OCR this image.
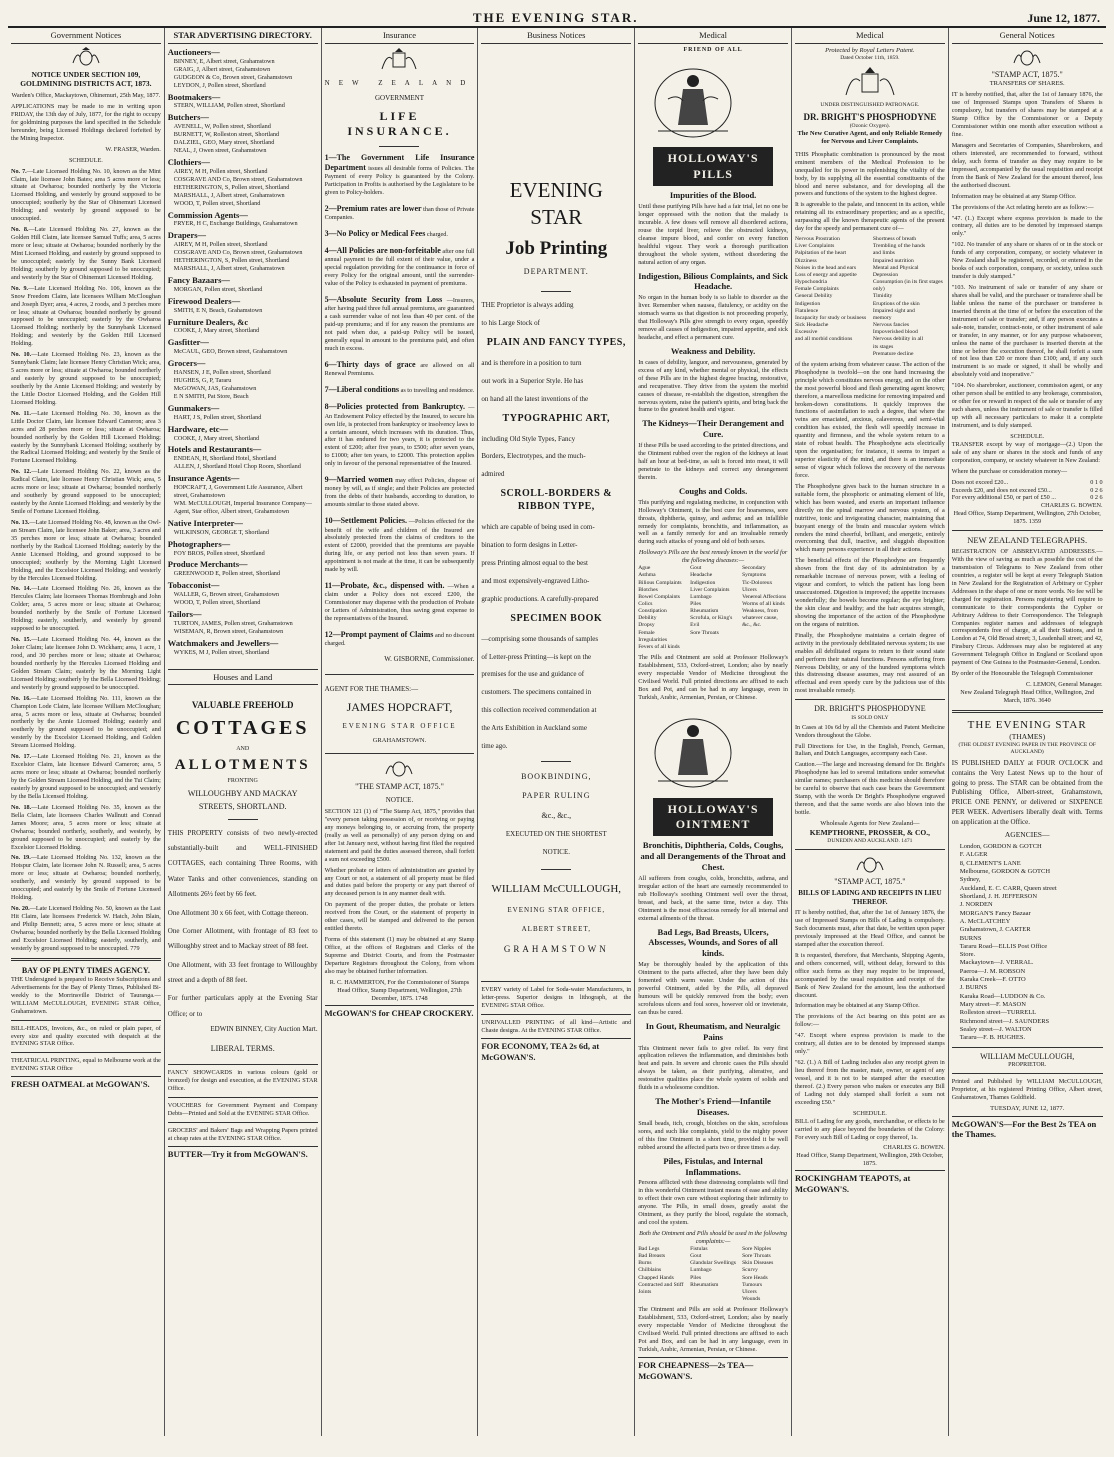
THE EVENING STAR.	June 12, 1877.
Government Notices
NOTICE UNDER SECTION 109, GOLDMINING DISTRICTS ACT, 1873.
Warden's Office, Mackaytown, Ohinemuri, 25th May, 1877.

APPLICATIONS may be made to me in writing upon FRIDAY, the 13th day of July, 1877, for the right to occupy for goldmining purposes the land specified in the Schedule hereunder, being Licensed Holdings declared forfeited by the Mining Inspector.

W. FRASER, Warden.
SCHEDULE.

No. 7.—Late Licensed Holding No. 10, known as the Mint Claim, late licensee John Bates; area 5 acres more or less; situate at Owharoa; bounded northerly by the Victoria Licensed Holding, and westerly by ground supposed to be unoccupied; southerly by the Star of Ohinemuri Licensed Holding; and westerly by ground supposed to be unoccupied.

No. 8.—Late Licensed Holding No. 27, known as the Golden Hill Claim, late licensee Samuel Tuffs; area, 5 acres more or less; situate at Owharoa; bounded northerly by the Mint Licensed Holding, and easterly by ground supposed to be unoccupied; easterly by the Sunny Bank Licensed Holding; southerly by ground supposed to be unoccupied; and westerly by the Star of Ohinemuri Licensed Holding.

No. 9.—Late Licensed Holding No. 106, known as the Snow Freedom Claim, late licensees William McCloughan and Joseph Dyer; area, 4 acres, 2 roods, and 3 perches more or less; situate at Owharoa; bounded northerly by ground supposed to be unoccupied; easterly by the Owharoa Licensed Holding; northerly by the Sunnybank Licensed Holding; and westerly by the Golden Hill Licensed Holding.

No. 10.—Late Licensed Holding No. 23, known as the Sunnybank Claim; late licensee Henry Christian Wick; area, 5 acres more or less; situate at Owharoa; bounded northerly and easterly by ground supposed to be unoccupied; southerly by the Annie Licensed Holding; and westerly by the Little Doctor Licensed Holding, and the Golden Hill Licensed Holding.

No. 11.—Late Licensed Holding No. 30, known as the Little Doctor Claim, late licensee Edward Cameron; area 3 acres and 28 perches more or less; situate at Owharoa; bounded northerly by the Golden Hill Licensed Holding; easterly by the Sunnybank Licensed Holding; southerly by the Radical Licensed Holding; and westerly by the Smile of Fortune Licensed Holding.

No. 12.—Late Licensed Holding No. 22, known as the Radical Claim, late licensee Henry Christian Wick; area, 5 acres more or less; situate at Owharoa; bounded northerly and southerly by ground supposed to be unoccupied; easterly by the Annie Licensed Holding; and westerly by the Smile of Fortune Licensed Holding.

No. 13.—Late Licensed Holding No. 48, known as the Owl-an Stream Claim, late licensee John Baker; area, 3 acres and 35 perches more or less; situate at Owharoa; bounded northerly by the Radical Licensed Holding; easterly by the Annie Licensed Holding, and ground supposed to be unoccupied; southerly by the Morning Light Licensed Holding, and the Excelsior Licensed Holding; and westerly by the Hercules Licensed Holding.

No. 14.—Late Licensed Holding No. 26, known as the Hercules Claim; late licensees Thomas Hornbrugh and John Colder; area, 5 acres more or less; situate at Owharoa; bounded northerly by the Smile of Fortune Licensed Holding; easterly, southerly, and westerly by ground supposed to be unoccupied.

No. 15.—Late Licensed Holding No. 44, known as the Joker Claim; late licensee John D. Wickham; area, 1 acre, 1 rood, and 30 perches more or less; situate at Owharoa; bounded northerly by the Hercules Licensed Holding and Golden Stream Claim; easterly by the Morning Light Licensed Holding; southerly by the Bella Licensed Holding; and westerly by ground supposed to be unoccupied.

No. 16.—Late Licensed Holding No. 111, known as the Champion Lode Claim, late licensee William McCloughan; area, 5 acres more or less, situate at Owharoa; bounded northerly by the Annie Licensed Holding; easterly and southerly by ground supposed to be unoccupied; and westerly by the Excelsior Licensed Holding, and Golden Stream Licensed Holding.

No. 17.—Late Licensed Holding No. 21, known as the Excelsior Claim, late licensee Edward Cameron; area, 5 acres more or less; situate at Owharoa; bounded northerly by the Golden Stream Licensed Holding, and the Tui Claim; easterly by ground supposed to be unoccupied; and westerly by the Bella Licensed Holding.

No. 18.—Late Licensed Holding No. 35, known as the Bella Claim, late licensees Charles Wallnutt and Conrad James Moore; area, 5 acres more or less; situate at Owharoa; bounded northerly, southerly, and westerly, by ground supposed to be unoccupied; and easterly by the Excelsior Licensed Holding.

No. 19.—Late Licensed Holding No. 132, known as the Hotspur Claim, late licensee John N. Russell; area, 5 acres more or less; situate at Owharoa; bounded northerly, southerly, and westerly by ground supposed to be unoccupied; and easterly by the Smile of Fortune Licensed Holding.

No. 20.—Late Licensed Holding No. 50, known as the Last Hit Claim, late licensees Frederick W. Hatch, John Blain, and Philip Bennett; area, 5 acres more or less; situate at Owharoa; bounded northerly by the Bella Licensed Holding and Excelsior Licensed Holding; easterly, southerly, and westerly by ground supposed to be unoccupied. 779

BAY OF PLENTY TIMES AGENCY.

THE Undersigned is prepared to Receive Subscriptions and Advertisements for the Bay of Plenty Times, Published Bi-weekly to the Morrinsville District of Tauranga.—WILLIAM McCULLOUGH, EVENING STAR Office, Grahamstown.

BILL-HEADS, Invoices, &c., on ruled or plain paper, of every size and quality executed with despatch at the EVENING STAR Office.

THEATRICAL PRINTING, equal to Melbourne work at the EVENING STAR Office

FRESH OATMEAL at McGOWAN'S.
STAR ADVERTISING DIRECTORY.
Auctioneers—
BINNEY, E, Albert street, Grahamstown
GRAIG, J, Albert street, Grahamstown
GUDGEON & Co, Brown street, Grahamstown
LEYDON, J, Pollen street, Shortland
Bootmakers—
STERN, WILLIAM, Pollen street, Shortland
Butchers—
AVENELL, W, Pollen street, Shortland
BURNETT, W, Rolleston street, Shortland
DALZIEL, GEO, Mary street, Shortland
NEAL, J, Owen street, Grahamstown
Clothiers—
AIREY, M H, Pollen street, Shortland
COSGRAVE AND Co, Brown street, Grahamstown
HETHERINGTON, S, Pollen street, Shortland
MARSHALL, J, Albert street, Grahamstown
WOOD, T, Pollen street, Shortland
Commission Agents—
FRYER, H C, Exchange Buildings, Grahamstown
Drapers—
AIREY, M H, Pollen street, Shortland
COSGRAVE AND Co, Brown street, Grahamstown
HETHERINGTON, S, Pollen street, Shortland
MARSHALL, J, Albert street, Grahamstown
Fancy Bazaars—
MORGAN, Pollen street, Shortland
Firewood Dealers—
SMITH, E N, Beach, Grahamstown
Furniture Dealers, &c
COOKE, J, Mary street, Shortland
Gasfitter—
McCAUL, GEO, Brown street, Grahamstown
Grocers—
HANSEN, J E, Pollen street, Shortland
HUGHES, G, P, Tararu
McGOWAN, JAS, Grahamstown
E N SMITH, Pat Store, Beach
Gunmakers—
HART, J S, Pollen street, Shortland
Hardware, etc—
COOKE, J, Mary street, Shortland
Hotels and Restaurants—
ENDEAN, H, Shortland Hotel, Shortland
ALLEN, J, Shortland Hotel Chop Room, Shortland
Insurance Agents—
HOPCRAFT, J, Government Life Assurance, Albert street, Grahamstown
WM. McCULLOUGH, Imperial Insurance Company—Agent, Star office, Albert street, Grahamstown
Native Interpreter—
WILKINSON, GEORGE T, Shortland
Photographers—
FOY BROS, Pollen street, Shortland
Produce Merchants—
GREENWOOD E, Pollen street, Shortland
Tobacconist—
WALLER, G, Brown street, Grahamstown
WOOD, T, Pollen street, Shortland
Tailors—
TURTON, JAMES, Pollen street, Grahamstown
WISEMAN, R, Brown street, Grahamstown
Watchmakers and Jewellers—
WYKES, M J, Pollen street, Shortland
Houses and Land
VALUABLE FREEHOLD
COTTAGES
AND
ALLOTMENTS
FRONTING
WILLOUGHBY AND MACKAY
STREETS, SHORTLAND.

THIS PROPERTY consists of two newly-erected substantially-built and WELL-FINISHED COTTAGES, each containing Three Rooms, with Water Tanks and other conveniences, standing on Allotments 26½ feet by 66 feet.

One Allotment 30 x 66 feet, with Cottage thereon.

One Corner Allotment, with frontage of 83 feet to Willoughby street and to Mackay street of 88 feet.

One Allotment, with 33 feet frontage to Willoughby street and a depth of 88 feet.

For further particulars apply at the Evening Star Office; or to

EDWIN BINNEY, City Auction Mart.
LIBERAL TERMS.

FANCY SHOWCARDS in various colours (gold or bronzed) for design and execution, at the EVENING STAR Office.

VOUCHERS for Government Payment and Company Debts—Printed and Sold at the EVENING STAR Office.

GROCERS' and Bakers' Bags and Wrapping Papers printed at cheap rates at the EVENING STAR Office.

BUTTER—Try it from McGOWAN'S.
Insurance
NEW ZEALAND
GOVERNMENT
LIFE INSURANCE.

1—The Government Life Insurance Department issues all desirable forms of Policies. The Payment of every Policy is guaranteed by the Colony. Participation in Profits is authorised by the Legislature to be given to Policy-holders.

2—Premium rates are lower than those of Private Companies.

3—No Policy or Medical Fees charged.

4—All Policies are non-forfeitable after one full annual payment to the full extent of their value, under a special regulation providing for the continuance in force of every Policy for the original amount, until the surrender-value of the Policy is exhausted in payment of premiums.

5—Absolute Security from Loss —Insurers, after having paid three full annual premiums, are guaranteed a cash surrender value of not less than 40 per cent. of the paid-up premiums; and if for any reason the premiums are not paid when due, a paid-up Policy will be issued, generally equal in amount to the premiums paid, and often much in excess.

6—Thirty days of grace are allowed on all Renewal Premiums.

7—Liberal conditions as to travelling and residence.

8—Policies protected from Bankruptcy. —An Endowment Policy effected by the Insured, to secure his own life, is protected from bankruptcy or insolvency laws to a certain amount, which increases with its duration. Thus, after it has endured for two years, it is protected to the extent of £200; after five years, to £500; after seven years, to £1000; after ten years, to £2000. This protection applies only in favour of the personal representative of the Insured.

9—Married women may effect Policies, dispose of money by will, as if single; and their Policies are protected from the debts of their husbands, according to duration, to amounts similar to those stated above.

10—Settlement Policies. —Policies effected for the benefit of the wife and children of the Insured are absolutely protected from the claims of creditors to the extent of £2000, provided that the premiums are payable during life, or any period not less than seven years. If appointment is not made at the time, it can be subsequently made by will.

11—Probate, &c., dispensed with. —When a claim under a Policy does not exceed £200, the Commissioner may dispense with the production of Probate or Letters of Administration, thus saving great expense to the representatives of the Insured.

12—Prompt payment of Claims and no discount charged.

W. GISBORNE, Commissioner.
AGENT FOR THE THAMES:—
JAMES HOPCRAFT,
EVENING STAR OFFICE
GRAHAMSTOWN.
"THE STAMP ACT, 1875."
NOTICE.

SECTION 121 (1) of "The Stamp Act, 1875," provides that "every person taking possession of, or receiving or paying any moneys belonging to, or accruing from, the property (really as well as personally) of any person dying on and after 1st January next, without having first filed the required statement and paid the duties assessed thereon, shall forfeit a sum not exceeding £500.

Whether probate or letters of administration are granted by any Court or not, a statement of all property must be filed and duties paid before the property or any part thereof of any deceased person is in any manner dealt with.

On payment of the proper duties, the probate or letters received from the Court, or the statement of property in other cases, will be stamped and delivered to the person entitled thereto.

Forms of this statement (1) may be obtained at any Stamp Office, at the offices of Registrars and Clerks of the Supreme and District Courts, and from the Postmaster Departure Registrars throughout the Colony, from whom also may be obtained further information.

R. C. HAMMERTON, For the Commissioner of Stamps
Head Office, Stamp Department, Wellington, 27th December, 1875. 1748
McGOWAN'S for CHEAP CROCKERY.
Business Notices
EVENING STAR
Job Printing
DEPARTMENT.
THE Proprietor is always adding
to his Large Stock of
PLAIN AND FANCY TYPES,
and is therefore in a position to turn
out work in a Superior Style. He has
on hand all the latest inventions of the
TYPOGRAPHIC ART,
including Old Style Types, Fancy
Borders, Electrotypes, and the much-
admired
SCROLL-BORDERS & RIBBON TYPE,
which are capable of being used in com-
bination to form designs in Letter-
press Printing almost equal to the best
and most expensively-engraved Litho-
graphic productions. A carefully-prepared
SPECIMEN BOOK
—comprising some thousands of samples
of Letter-press Printing—is kept on the
premises for the use and guidance of
customers. The specimens contained in
this collection received commendation at
the Arts Exhibition in Auckland some
time ago.
BOOKBINDING,
PAPER RULING
&c., &c.,
EXECUTED ON THE SHORTEST
NOTICE.
WILLIAM McCULLOUGH,
EVENING STAR OFFICE,
ALBERT STREET,
GRAHAMSTOWN

EVERY variety of Label for Soda-water Manufacturers, in letter-press. Superior designs in lithograph, at the EVENING STAR Office.

UNRIVALLED PRINTING of all kind—Artistic and Chaste designs. At the EVENING STAR Office.

FOR ECONOMY, TEA 2s 6d, at McGOWAN'S.
Medical
FRIEND OF ALL
HOLLOWAY'S PILLS
Impurities of the Blood.

Until these purifying Pills have had a fair trial, let no one be longer oppressed with the notion that the malady is incurable. A few doses will remove all disordered actions, rouse the torpid liver, relieve the obstructed kidneys, cleanse impure blood, and confer on every function healthful vigour. They work a thorough purification throughout the whole system, without disordering the natural action of any organ.

Indigestion, Bilious Complaints, and Sick Headache.

No organ in the human body is so liable to disorder as the liver. Remember when nausea, flatulency, or acidity on the stomach warns us that digestion is not proceeding properly, that Holloway's Pills give strength to every organ, speedily remove all causes of indigestion, impaired appetite, and sick headache, and effect a permanent cure.

Weakness and Debility.

In cases of debility, languor, and nervousness, generated by excess of any kind, whether mental or physical, the effects of these Pills are in the highest degree bracing, restorative, and recuperative. They drive from the system the morbid causes of disease, re-establish the digestion, strengthen the nervous system, raise the patient's spirits, and bring back the frame to the greatest health and vigour.

The Kidneys—Their Derangement and Cure.

If these Pills be used according to the printed directions, and the Ointment rubbed over the region of the kidneys at least half an hour at bed-time, as salt is forced into meat, it will penetrate to the kidneys and correct any derangement therein.

Coughs and Colds.

This purifying and regulating medicine, in conjunction with Holloway's Ointment, is the best cure for hoarseness, sore throats, diphtheria, quinsy, and asthma; and an infallible remedy for complaints, bronchitis, and inflammation, as well as a family remedy for and an invaluable remedy during such attacks of young and old of both sexes.

Holloway's Pills are the best remedy known in the world for the following diseases:—
Ague
Asthma
Bilious Complaints
Blotches
Bowel Complaints
Colics
Constipation
Debility
Dropsy
Female Irregularities
Fevers of all kinds
Gout
Headache
Indigestion
Liver Complaints
Lumbago
Piles
Rheumatism
Scrofula, or King's Evil
Sore Throats
Secondary Symptoms
Tic-Doloreux
Ulcers
Venereal Affections
Worms of all kinds
Weakness, from whatever cause, &c., &c.

The Pills and Ointment are sold at Professor Holloway's Establishment, 533, Oxford-street, London; also by nearly every respectable Vendor of Medicine throughout the Civilised World. Full printed directions are affixed to each Box and Pot, and can be had in any language, even in Turkish, Arabic, Armenian, Persian, or Chinese.

HOLLOWAY'S OINTMENT
Bronchitis, Diphtheria, Colds, Coughs, and all Derangements of the Throat and Chest.

All sufferers from coughs, colds, bronchitis, asthma, and irregular action of the heart are earnestly recommended to rub Holloway's soothing Ointment well over the throat, breast, and back, at the same time, twice a day. This Ointment is the most efficacious remedy for all internal and external ailments of the throat.

Bad Legs, Bad Breasts, Ulcers, Abscesses, Wounds, and Sores of all kinds.

May be thoroughly healed by the application of this Ointment to the parts affected, after they have been duly fomented with warm water. Under the action of this powerful Ointment, aided by the Pills, all depraved humours will be quickly removed from the body; even scrofulous ulcers and foul sores, however old or inveterate, can thus be cured.

In Gout, Rheumatism, and Neuralgic Pains

This Ointment never fails to give relief. Its very first application relieves the inflammation, and diminishes both heat and pain. In severe and chronic cases the Pills should always be taken, as their purifying, alterative, and restorative qualities place the whole system of solids and fluids in a wholesome condition.

The Mother's Friend—Infantile Diseases.

Small beads, itch, crough, blotches on the skin, scrofulous sores, and such like complaints, yield to the mighty power of this fine Ointment in a short time, provided it be well rubbed around the affected parts two or three times a day.

Piles, Fistulas, and Internal Inflammations.

Persons afflicted with these distressing complaints will find in this wonderful Ointment instant means of ease and ability to effect their own cure without exploring their infirmity to anyone. The Pills, in small doses, greatly assist the Ointment, as they purify the blood, regulate the stomach, and cool the system.

Both the Ointment and Pills should be used in the following complaints:—
Bad Legs
Bad Breasts
Burns
Chilblains
Chapped Hands
Contracted and Stiff Joints
Fistulas
Gout
Glandular Swellings
Lumbago
Piles
Rheumatism
Sore Nipples
Sore Throats
Skin Diseases
Scurvy
Sore Heads
Tumours
Ulcers
Wounds

The Ointment and Pills are sold at Professor Holloway's Establishment, 533, Oxford-street, London; also by nearly every respectable Vendor of Medicine throughout the Civilised World. Full printed directions are affixed to each Pot and Box, and can be had in any language, even in Turkish, Arabic, Armenian, Persian, or Chinese.

FOR CHEAPNESS—2s TEA—McGOWAN'S.
Medical
Protected by Royal Letters Patent.
Dated October 11th, 1859.
UNDER DISTINGUISHED PATRONAGE.
DR. BRIGHT'S PHOSPHODYNE
(Ozonic Oxygen).
The New Curative Agent, and only Reliable Remedy for Nervous and Liver Complaints.

THIS Phosphatic combination is pronounced by the most eminent members of the Medical Profession to be unequalled for its power in replenishing the vitality of the body, by its supplying all the essential constituents of the blood and nerve substance, and for developing all the powers and functions of the system to the highest degree.

It is agreeable to the palate, and innocent in its action, while retaining all its extraordinary properties; and as a specific, surpassing all the known therapeutic agents of the present day for the speedy and permanent cure of—

Nervous Prostration
Liver Complaints
Palpitation of the heart
Dizziness
Noises in the head and ears
Loss of energy and appetite
Hypochondria
Female Complaints
General Debility
Indigestion
Flatulence
Incapacity for study or business
Sick Headache
Excessive
and all morbid conditions
Shortness of breath
Trembling of the hands
and limbs
Impaired nutrition
Mental and Physical
Depression
Consumption (in its first stages only)
Timidity
Eruptions of the skin
Impaired sight and
memory
Nervous fancies
Impoverished blood
Nervous debility in all
its stages
Premature decline

of the system arising from whatever cause. The action of the Phosphodyne is twofold—on the one hand increasing the principle which constitutes nervous energy, and on the other the most powerful blood and flesh generating agent known; therefore, a marvellous medicine for removing impaired and broken-down constitutions. It quickly improves the functions of assimilation to such a degree, that where the veins are emaciated, anxious, calaverous, and semi-vital condition has existed, the flesh will speedily increase in quantity and firmness, and the whole system return to a state of robust health. The Phosphodyne acts electrically upon the organisation; for instance, it seems to impart a superior elasticity of the mind, and there is an immediate sense of vigour which follows the recovery of the nervous force.

The Phosphodyne gives back to the human structure in a suitable form, the phosphoric or animating element of life, which has been wasted, and exerts an important influence directly on the spinal marrow and nervous system, of a nutritive, tonic and invigorating character, maintaining that buoyant energy of the brain and muscular system which renders the mind cheerful, brilliant, and energetic, entirely overcoming that dull, inactive, and sluggish disposition which many persons experience in all their actions.

The beneficial effects of the Phosphodyne are frequently shown from the first day of its administration by a remarkable increase of nervous power, with a feeling of vigour and comfort, to which the patient has long been unaccustomed. Digestion is improved; the appetite increases wonderfully; the bowels become regular; the eye brighter; the skin clear and healthy; and the hair acquires strength, showing the importance of the action of the Phosphodyne on the organs of nutrition.

Finally, the Phosphodyne maintains a certain degree of activity in the previously debilitated nervous system; its use enables all debilitated organs to return to their sound state and perform their natural functions. Persons suffering from Nervous Debility, or any of the hundred symptoms which this distressing disease assumes, may rest assured of an effectual and even speedy cure by the judicious use of this most invaluable remedy.

DR. BRIGHT'S PHOSPHODYNE
IS SOLD ONLY

In Cases at 10s 6d by all the Chemists and Patent Medicine Vendors throughout the Globe.

Full Directions for Use, in the English, French, German, Italian, and Dutch Languages, accompany each Case.

Caution.—The large and increasing demand for Dr. Bright's Phosphodyne has led to several imitations under somewhat similar names; purchasers of this medicine should therefore be careful to observe that each case bears the Government Stamp, with the words Dr Bright's Phosphodyne engraved thereon, and that the same words are also blown into the bottle.

Wholesale Agents for New Zealand—
KEMPTHORNE, PROSSER, & CO.,
DUNEDIN AND AUCKLAND. 1471
"STAMP ACT, 1875."
BILLS OF LADING AND RECEIPTS IN LIEU THEREOF.

IT is hereby notified, that, after the 1st of January 1876, the use of Impressed Stamps on Bills of Lading is compulsory. Such documents must, after that date, be written upon paper previously impressed at the Head Office, and cannot be stamped after the execution thereof.

It is requested, therefore, that Merchants, Shipping Agents, and others concerned, will, without delay, forward to this office such forms as they may require to be impressed, accompanied by the usual requisition and receipt of the Bank of New Zealand for the amount, less the authorised discount.

Information may be obtained at any Stamp Office.

The provisions of the Act bearing on this point are as follow:—

"47. Except where express provision is made to the contrary, all duties are to be denoted by impressed stamps only."

"62. (1.) A Bill of Lading includes also any receipt given in lieu thereof from the master, mate, owner, or agent of any vessel, and it is not to be stamped after the execution thereof. (2.) Every person who makes or executes any Bill of Lading not duly stamped shall forfeit a sum not exceeding £50."

SCHEDULE.

BILL of Lading for any goods, merchandise, or effects to be carried to any place beyond the boundaries of the Colony: For every such Bill of Lading or copy thereof, 1s.

CHARLES G. BOWEN.
Head Office, Stamp Department, Wellington, 29th October, 1875.
ROCKINGHAM TEAPOTS, at McGOWAN'S.
General Notices
"STAMP ACT, 1875."
TRANSFERS OF SHARES.

IT is hereby notified, that, after the 1st of January 1876, the use of Impressed Stamps upon Transfers of Shares is compulsory, but transfers of shares may be stamped at a Stamp Office by the Commissioner or a Deputy Commissioner within one month after execution without a fine.

Managers and Secretaries of Companies, Sharebrokers, and others interested, are recommended to forward, without delay, such forms of transfer as they may require to be impressed, accompanied by the usual requisition and receipt from the Bank of New Zealand for the amount thereof, less the authorised discount.

Information may be obtained at any Stamp Office.

The provisions of the Act relating hereto are as follow:—

"47. (1.) Except where express provision is made to the contrary, all duties are to be denoted by impressed stamps only."

"102. No transfer of any share or shares of or in the stock or funds of any corporation, company, or society whatever in New Zealand shall be registered, recorded, or entered in the books of such corporation, company, or society, unless such transfer is duly stamped."

"103. No instrument of sale or transfer of any share or shares shall be valid, and the purchaser or transferee shall be liable unless the name of the purchaser or transferee is inserted therein at the time of or before the execution of the instrument of sale or transfer; and, if any person executes a sale-note, transfer, contract-note, or other instrument of sale or transfer, in any manner, or for any purpose whatsoever, unless the name of the purchaser is inserted therein at the time or before the execution thereof, he shall forfeit a sum of not less than £20 or more than £100; and, if any such instrument is so made or signed, it shall be wholly and absolutely void and inoperative."

"104. No sharebroker, auctioneer, commission agent, or any other person shall be entitled to any brokerage, commission, or other fee or reward in respect of the sale or transfer of any such shares, unless the instrument of sale or transfer is filled up with all necessary particulars to make it a complete instrument, and is duly stamped.

SCHEDULE.

TRANSFER except by way of mortgage—(2.) Upon the sale of any share or shares in the stock and funds of any corporation, company, or society whatever in New Zealand:

Where the purchase or consideration money—

Does not exceed £20...	0 1 0
Exceeds £20, and does not exceed £50...	0 2 6
For every additional £50, or part of £50 ...	0 2 6
CHARLES G. BOWEN.
Head Office, Stamp Department, Wellington, 27th October, 1875. 1359
NEW ZEALAND TELEGRAPHS.

REGISTRATION OF ABBREVIATED ADDRESSES.—With the view of saving as much as possible the cost of the transmission of Telegrams to New Zealand from other countries, a register will be kept at every Telegraph Station in New Zealand for the Registration of Arbitrary or Cypher Addresses in the shape of one or more words. No fee will be charged for registration. Persons registering will require to communicate to their correspondents the Cypher or Arbitrary Address to their Correspondence. The Telegraph Companies register names and addresses of telegraph correspondents free of charge, at all their Stations, and in London at 74, Old Broad street; 3, Leadenhall street; and 42, Finsbury Circus. Addresses may also be registered at any Government Telegraph Office in England or Scotland upon payment of One Guinea to the Postmaster-General, London.

By order of the Honourable the Telegraph Commissioner

C. LEMON, General Manager.
New Zealand Telegraph Head Office, Wellington, 2nd March, 1876. 3640
THE EVENING STAR
(THAMES)
(THE OLDEST EVENING PAPER IN THE PROVINCE OF AUCKLAND)

IS PUBLISHED DAILY at FOUR O'CLOCK and contains the Very Latest News up to the hour of going to press. The STAR can be obtained from the Publishing Office, Albert-street, Grahamstown, PRICE ONE PENNY, or delivered or SIXPENCE PER WEEK. Advertisers liberally dealt with. Terms on application at the Office.

AGENCIES—
London, GORDON & GOTCH
F. ALGER
8, CLEMENT'S LANE
Melbourne, GORDON & GOTCH
Sydney,
Auckland, E. C. CARR, Queen street
Shortland, J. H. JEFFERSON
J. NORDEN
MORGAN'S Fancy Bazaar
A. McCLATCHEY
Grahamstown, J. CARTER
BURNS
Tararu Road—ELLIS Post Office
Store.
Mackaytown—J. VERRAL.
Paeroa—J. M. ROBSON
Karaka Creek—F. OTTO
J. BURNS
Karaka Road—LUDDON & Co.
Mary street—F. MASON
Rolleston street—TURRELL
Richmond street—J. SAUNDERS
Sealey street—J. WALTON
Tararu—F. B. HUGHES.
WILLIAM McCULLOUGH,
PROPRIETOR.

Printed and Published by WILLIAM McCULLOUGH, Proprietor, at his registered Printing Office, Albert street, Grahamstown, Thames Goldfield.

TUESDAY, JUNE 12, 1877.
McGOWAN'S—For the Best 2s TEA on the Thames.
